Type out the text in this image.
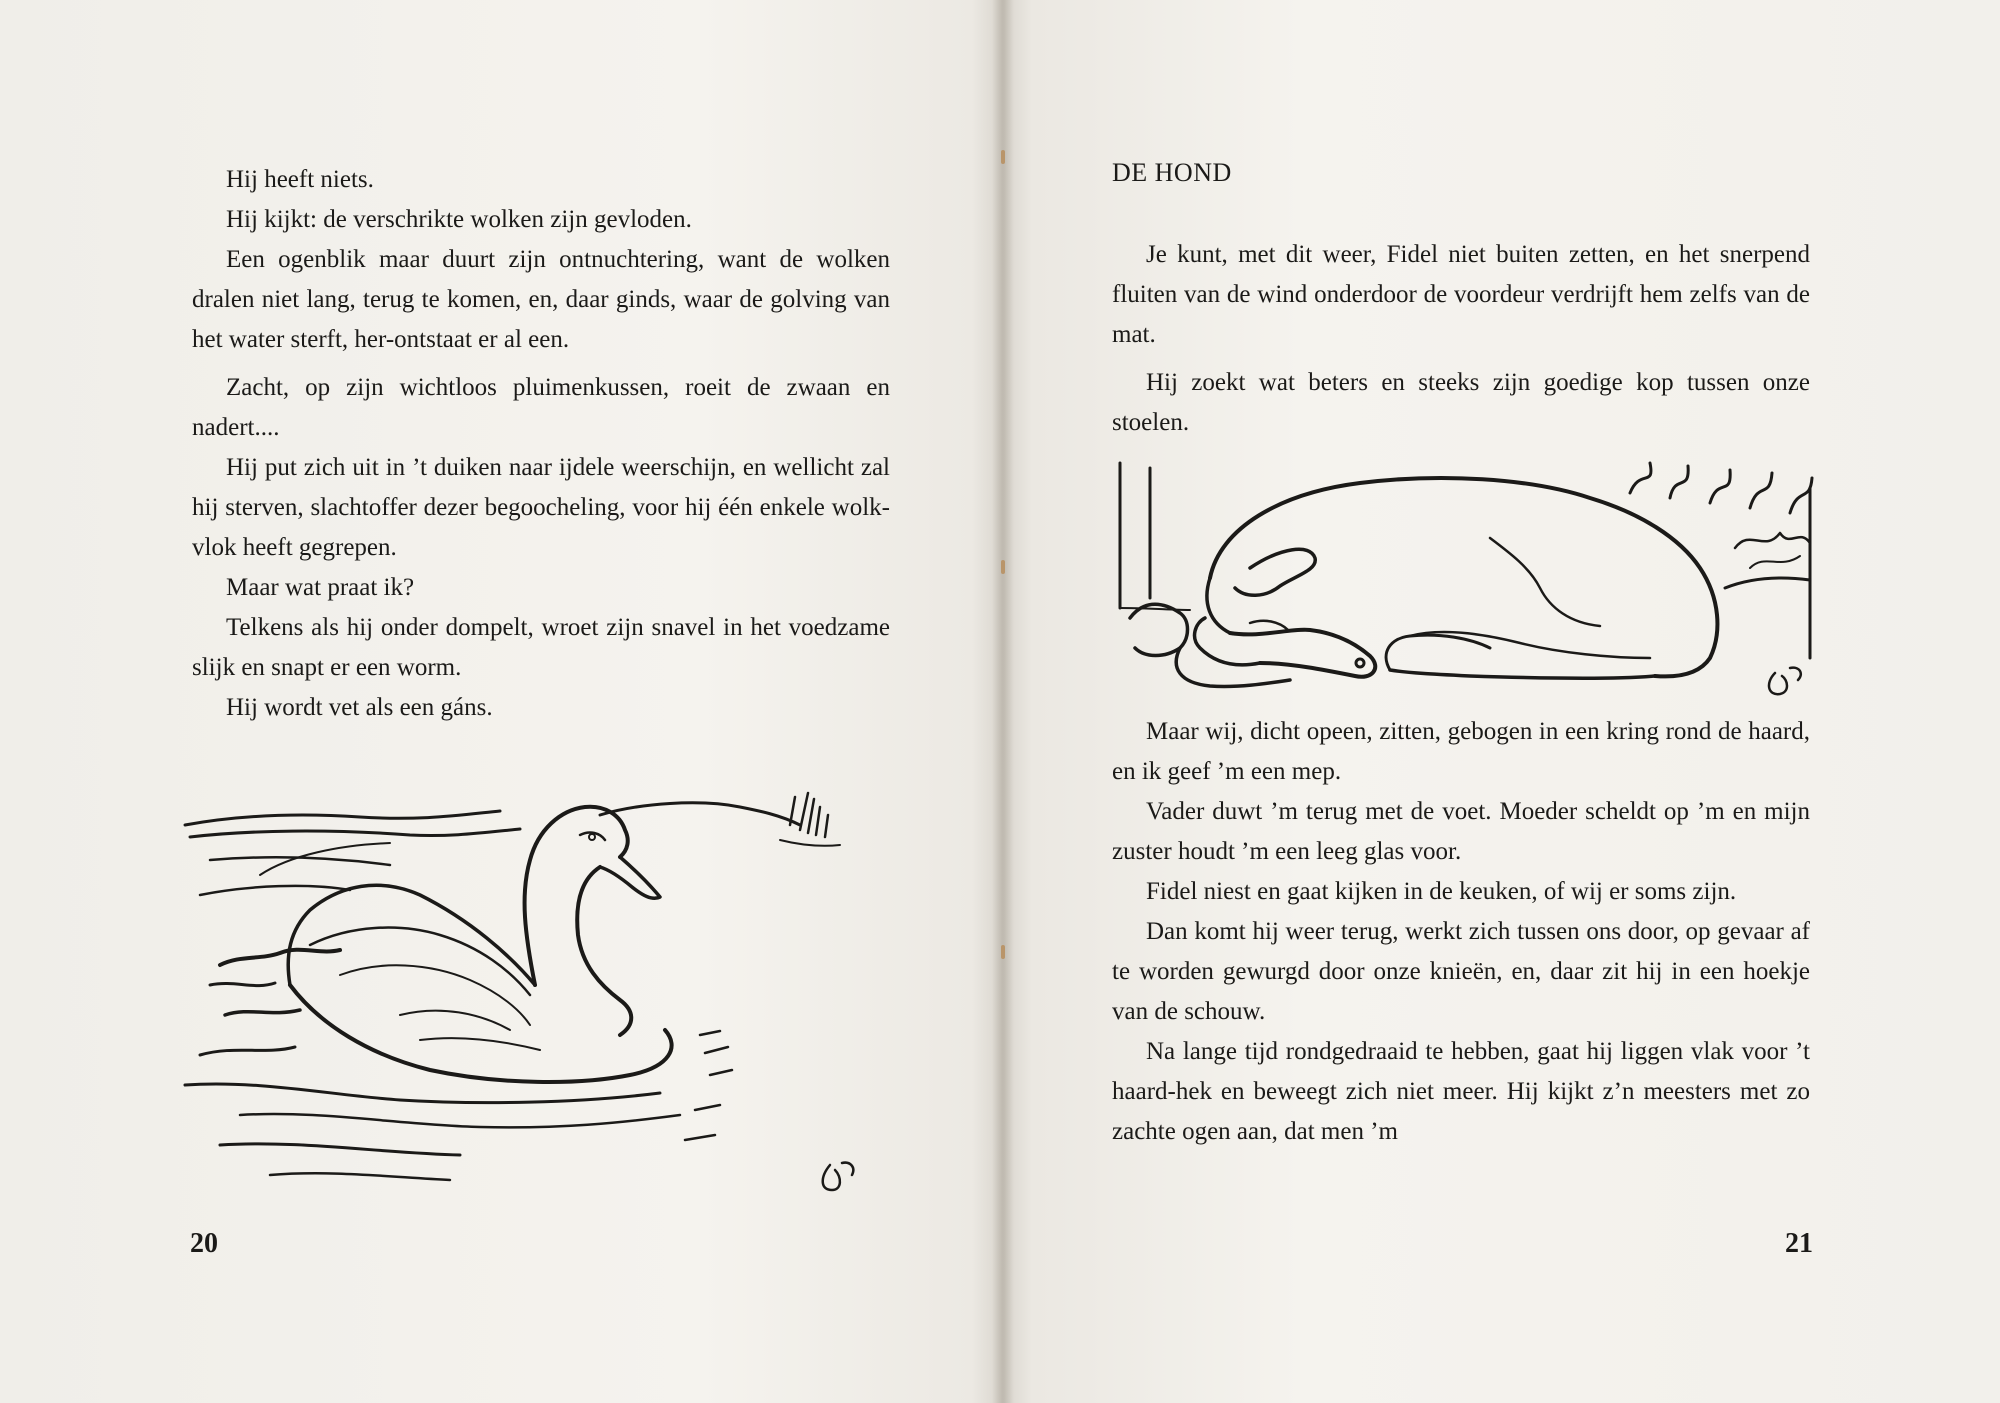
Hij heeft niets.

Hij kijkt: de verschrikte wolken zijn gevloden.

Een ogenblik maar duurt zijn ontnuchtering, want de wolken dralen niet lang, terug te komen, en, daar ginds, waar de golving van het water sterft, her-ontstaat er al een.

Zacht, op zijn wichtloos pluimenkussen, roeit de zwaan en nadert....

Hij put zich uit in ’t duiken naar ijdele weerschijn, en wellicht zal hij sterven, slachtoffer dezer begoocheling, voor hij één enkele wolk-vlok heeft gegrepen.

Maar wat praat ik?

Telkens als hij onder dompelt, wroet zijn snavel in het voedzame slijk en snapt er een worm.

Hij wordt vet als een gáns.

20
DE HOND

Je kunt, met dit weer, Fidel niet buiten zetten, en het snerpend fluiten van de wind onderdoor de voordeur verdrijft hem zelfs van de mat.

Hij zoekt wat beters en steeks zijn goedige kop tussen onze stoelen.

Maar wij, dicht opeen, zitten, gebogen in een kring rond de haard, en ik geef ’m een mep.

Vader duwt ’m terug met de voet. Moeder scheldt op ’m en mijn zuster houdt ’m een leeg glas voor.

Fidel niest en gaat kijken in de keuken, of wij er soms zijn.

Dan komt hij weer terug, werkt zich tussen ons door, op gevaar af te worden gewurgd door onze knieën, en, daar zit hij in een hoekje van de schouw.

Na lange tijd rondgedraaid te hebben, gaat hij liggen vlak voor ’t haard-hek en beweegt zich niet meer. Hij kijkt z’n meesters met zo zachte ogen aan, dat men ’m

21
